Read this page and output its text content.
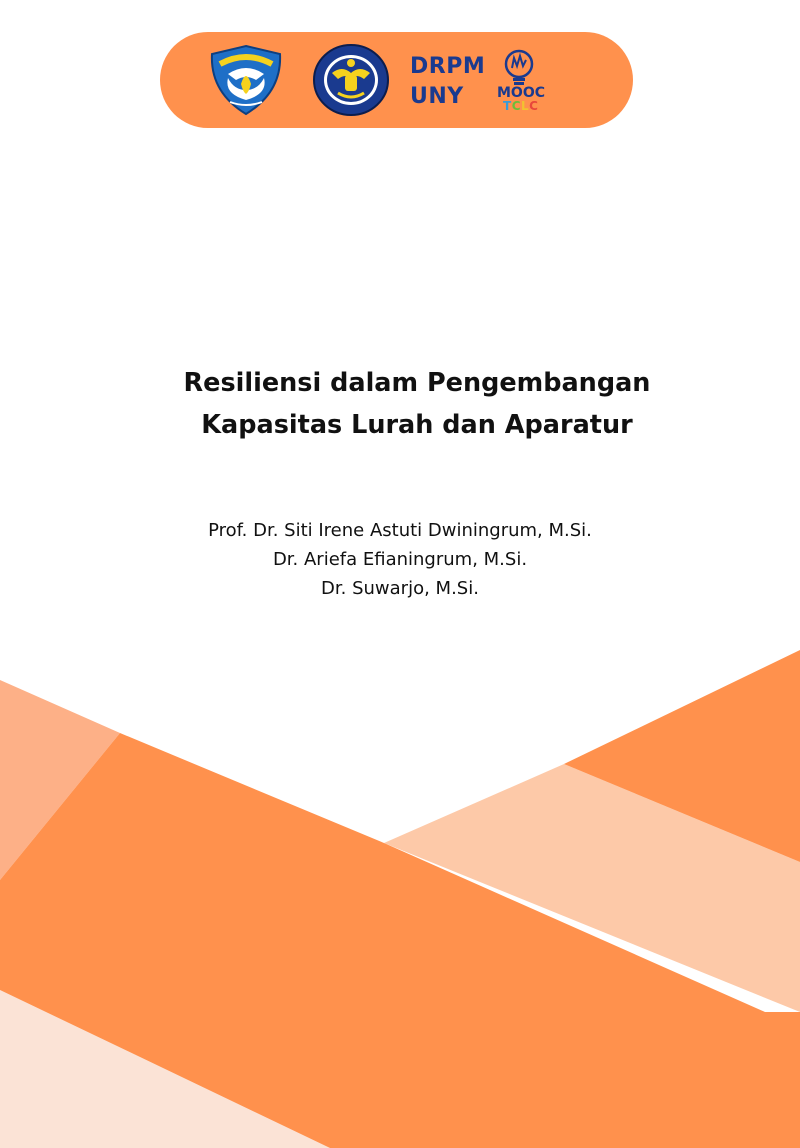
DRPM
UNY	MOOC
TCLC
Resiliensi dalam Pengembangan
Kapasitas Lurah dan Aparatur
Prof. Dr. Siti Irene Astuti Dwiningrum, M.Si.
Dr. Ariefa Efianingrum, M.Si.
Dr. Suwarjo, M.Si.
